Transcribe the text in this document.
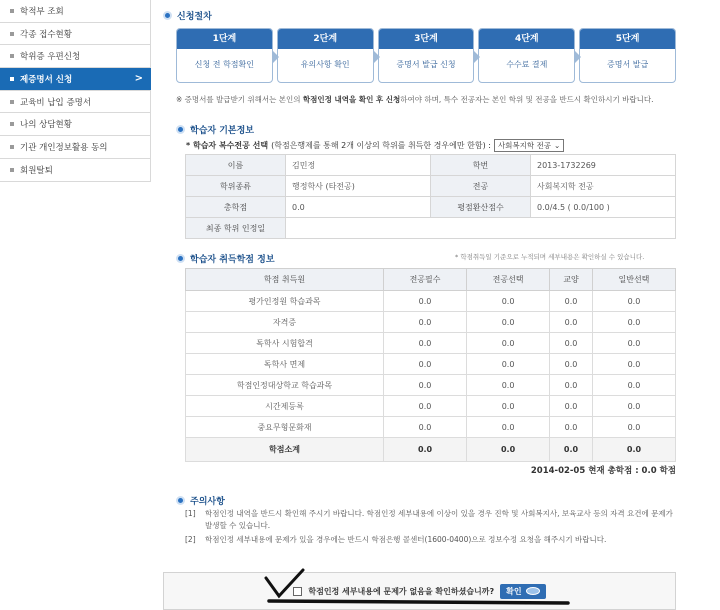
학적부 조회
각종 접수현황
학위증 우편신청
제증명서 신청	>
교육비 납입 증명서
나의 상담현황
기관 개인정보활용 동의
회원탈퇴
신청절차
1단계
신청 전 학점확인
2단계
유의사항 확인
3단계
증명서 발급 신청
4단계
수수료 결제
5단계
증명서 발급
※ 증명서를 발급받기 위해서는 본인의 학점인정 내역을 확인 후 신청하여야 하며, 특수 전공자는 본인 학위 및 전공을 반드시 확인하시기 바랍니다.
학습자 기본정보
* 학습자 복수전공 선택 (학점은행제를 통해 2개 이상의 학위를 취득한 경우에만 한함) : 사회복지학 전공 ⌄
이름	김민정	학번	2013-1732269
학위종류	행정학사 (타전공)	전공	사회복지학 전공
총학점	0.0	평점환산점수	0.0/4.5 ( 0.0/100 )
최종 학위 인정일			
학습자 취득학점 정보	* 학점취득일 기준으로 누적되며 세부내용은 확인하실 수 있습니다.
학점 취득원	전공필수	전공선택	교양	일반선택
평가인정원 학습과목	0.0	0.0	0.0	0.0
자격증	0.0	0.0	0.0	0.0
독학사 시험합격	0.0	0.0	0.0	0.0
독학사 면제	0.0	0.0	0.0	0.0
학점인정대상학교 학습과목	0.0	0.0	0.0	0.0
시간제등록	0.0	0.0	0.0	0.0
중요무형문화재	0.0	0.0	0.0	0.0
학점소계	0.0	0.0	0.0	0.0
2014-02-05 현재 총학점 : 0.0 학점
주의사항
[1]	학점인정 내역을 반드시 확인해 주시기 바랍니다. 학점인정 세부내용에 이상이 있을 경우 진학 및 사회복지사, 보육교사 등의 자격 요건에 문제가 발생할 수 있습니다.
[2]	학점인정 세부내용에 문제가 있을 경우에는 반드시 학점은행 콜센터(1600-0400)으로 정보수정 요청을 해주시기 바랍니다.
학점인정 세부내용에 문제가 없음을 확인하셨습니까? 확인
